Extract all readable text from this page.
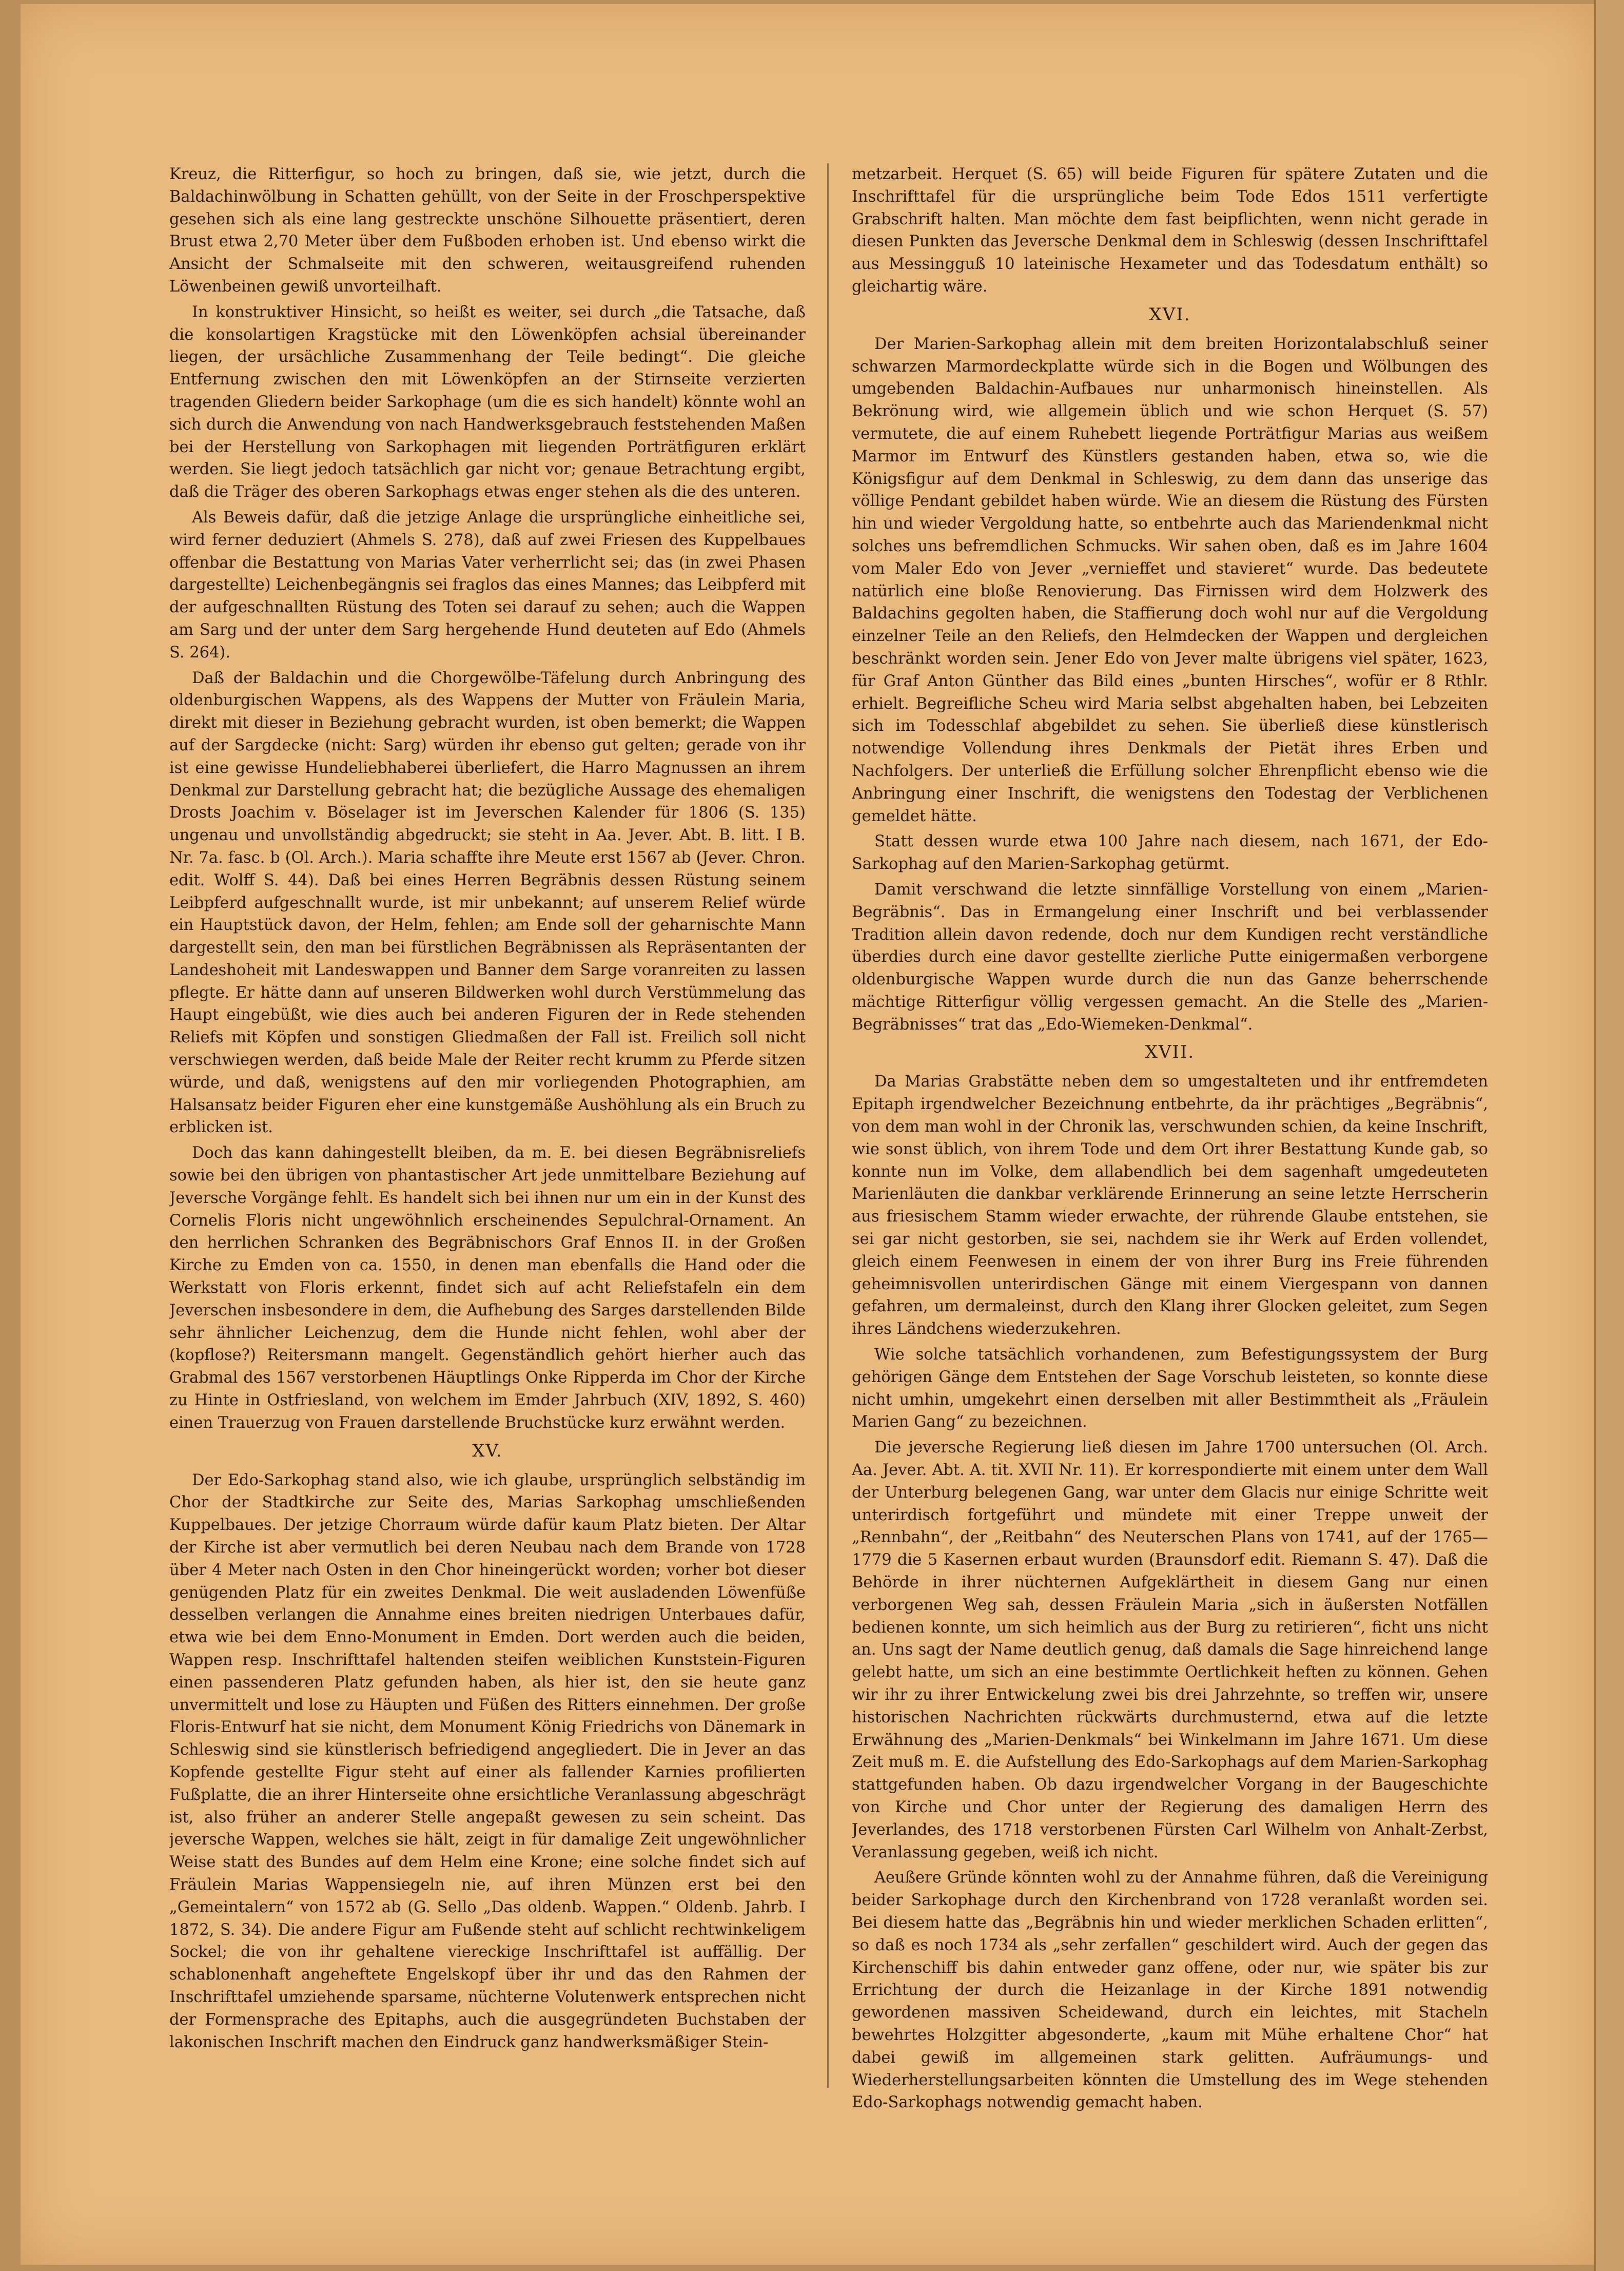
Kreuz, die Ritterfigur, so hoch zu bringen, daß sie, wie jetzt, durch die Baldachinwölbung in Schatten gehüllt, von der Seite in der Froschperspektive gesehen sich als eine lang gestreckte unschöne Silhouette präsentiert, deren Brust etwa 2,70 Meter über dem Fußboden erhoben ist. Und ebenso wirkt die Ansicht der Schmalseite mit den schweren, weitausgreifend ruhenden Löwenbeinen gewiß unvorteilhaft.

In konstruktiver Hinsicht, so heißt es weiter, sei durch „die Tatsache, daß die konsolartigen Kragstücke mit den Löwenköpfen achsial übereinander liegen, der ursächliche Zusammenhang der Teile bedingt“. Die gleiche Entfernung zwischen den mit Löwenköpfen an der Stirnseite verzierten tragenden Gliedern beider Sarkophage (um die es sich handelt) könnte wohl an sich durch die Anwendung von nach Handwerksgebrauch feststehenden Maßen bei der Herstellung von Sarkophagen mit liegenden Porträtfiguren erklärt werden. Sie liegt jedoch tatsächlich gar nicht vor; genaue Betrachtung ergibt, daß die Träger des oberen Sarkophags etwas enger stehen als die des unteren.

Als Beweis dafür, daß die jetzige Anlage die ursprüngliche einheitliche sei, wird ferner deduziert (Ahmels S. 278), daß auf zwei Friesen des Kuppelbaues offenbar die Bestattung von Marias Vater verherrlicht sei; das (in zwei Phasen dargestellte) Leichenbegängnis sei fraglos das eines Mannes; das Leibpferd mit der aufgeschnallten Rüstung des Toten sei darauf zu sehen; auch die Wappen am Sarg und der unter dem Sarg hergehende Hund deuteten auf Edo (Ahmels S. 264).

Daß der Baldachin und die Chorgewölbe-Täfelung durch Anbringung des oldenburgischen Wappens, als des Wappens der Mutter von Fräulein Maria, direkt mit dieser in Beziehung gebracht wurden, ist oben bemerkt; die Wappen auf der Sargdecke (nicht: Sarg) würden ihr ebenso gut gelten; gerade von ihr ist eine gewisse Hundeliebhaberei überliefert, die Harro Magnussen an ihrem Denkmal zur Darstellung gebracht hat; die bezügliche Aussage des ehemaligen Drosts Joachim v. Böselager ist im Jeverschen Kalender für 1806 (S. 135) ungenau und unvollständig abgedruckt; sie steht in Aa. Jever. Abt. B. litt. I B. Nr. 7a. fasc. b (Ol. Arch.). Maria schaffte ihre Meute erst 1567 ab (Jever. Chron. edit. Wolff S. 44). Daß bei eines Herren Begräbnis dessen Rüstung seinem Leibpferd aufgeschnallt wurde, ist mir unbekannt; auf unserem Relief würde ein Hauptstück davon, der Helm, fehlen; am Ende soll der geharnischte Mann dargestellt sein, den man bei fürstlichen Begräbnissen als Repräsentanten der Landeshoheit mit Landeswappen und Banner dem Sarge voranreiten zu lassen pflegte. Er hätte dann auf unseren Bildwerken wohl durch Verstümmelung das Haupt eingebüßt, wie dies auch bei anderen Figuren der in Rede stehenden Reliefs mit Köpfen und sonstigen Gliedmaßen der Fall ist. Freilich soll nicht verschwiegen werden, daß beide Male der Reiter recht krumm zu Pferde sitzen würde, und daß, wenigstens auf den mir vorliegenden Photographien, am Halsansatz beider Figuren eher eine kunstgemäße Aushöhlung als ein Bruch zu erblicken ist.

Doch das kann dahingestellt bleiben, da m. E. bei diesen Begräbnisreliefs sowie bei den übrigen von phantastischer Art jede unmittelbare Beziehung auf Jeversche Vorgänge fehlt. Es handelt sich bei ihnen nur um ein in der Kunst des Cornelis Floris nicht ungewöhnlich erscheinendes Sepulchral-Ornament. An den herrlichen Schranken des Begräbnischors Graf Ennos II. in der Großen Kirche zu Emden von ca. 1550, in denen man ebenfalls die Hand oder die Werkstatt von Floris erkennt, findet sich auf acht Reliefstafeln ein dem Jeverschen insbesondere in dem, die Aufhebung des Sarges darstellenden Bilde sehr ähnlicher Leichenzug, dem die Hunde nicht fehlen, wohl aber der (kopflose?) Reitersmann mangelt. Gegenständlich gehört hierher auch das Grabmal des 1567 verstorbenen Häuptlings Onke Ripperda im Chor der Kirche zu Hinte in Ostfriesland, von welchem im Emder Jahrbuch (XIV, 1892, S. 460) einen Trauerzug von Frauen darstellende Bruchstücke kurz erwähnt werden.

XV.

Der Edo-Sarkophag stand also, wie ich glaube, ursprünglich selbständig im Chor der Stadtkirche zur Seite des, Marias Sarkophag umschließenden Kuppelbaues. Der jetzige Chorraum würde dafür kaum Platz bieten. Der Altar der Kirche ist aber vermutlich bei deren Neubau nach dem Brande von 1728 über 4 Meter nach Osten in den Chor hineingerückt worden; vorher bot dieser genügenden Platz für ein zweites Denkmal. Die weit ausladenden Löwenfüße desselben verlangen die Annahme eines breiten niedrigen Unterbaues dafür, etwa wie bei dem Enno-Monument in Emden. Dort werden auch die beiden, Wappen resp. Inschrifttafel haltenden steifen weiblichen Kunststein-Figuren einen passenderen Platz gefunden haben, als hier ist, den sie heute ganz unvermittelt und lose zu Häupten und Füßen des Ritters einnehmen. Der große Floris-Entwurf hat sie nicht, dem Monument König Friedrichs von Dänemark in Schleswig sind sie künstlerisch befriedigend angegliedert. Die in Jever an das Kopfende gestellte Figur steht auf einer als fallender Karnies profilierten Fußplatte, die an ihrer Hinterseite ohne ersichtliche Veranlassung abgeschrägt ist, also früher an anderer Stelle angepaßt gewesen zu sein scheint. Das jeversche Wappen, welches sie hält, zeigt in für damalige Zeit ungewöhnlicher Weise statt des Bundes auf dem Helm eine Krone; eine solche findet sich auf Fräulein Marias Wappensiegeln nie, auf ihren Münzen erst bei den „Gemeintalern“ von 1572 ab (G. Sello „Das oldenb. Wappen.“ Oldenb. Jahrb. I 1872, S. 34). Die andere Figur am Fußende steht auf schlicht rechtwinkeligem Sockel; die von ihr gehaltene viereckige Inschrifttafel ist auffällig. Der schablonenhaft angeheftete Engelskopf über ihr und das den Rahmen der Inschrifttafel umziehende sparsame, nüchterne Volutenwerk entsprechen nicht der Formensprache des Epitaphs, auch die ausgegründeten Buchstaben der lakonischen Inschrift machen den Eindruck ganz handwerksmäßiger Stein-

metzarbeit. Herquet (S. 65) will beide Figuren für spätere Zutaten und die Inschrifttafel für die ursprüngliche beim Tode Edos 1511 verfertigte Grabschrift halten. Man möchte dem fast beipflichten, wenn nicht gerade in diesen Punkten das Jeversche Denkmal dem in Schleswig (dessen Inschrifttafel aus Messingguß 10 lateinische Hexameter und das Todesdatum enthält) so gleichartig wäre.

XVI.

Der Marien-Sarkophag allein mit dem breiten Horizontalabschluß seiner schwarzen Marmordeckplatte würde sich in die Bogen und Wölbungen des umgebenden Baldachin-Aufbaues nur unharmonisch hineinstellen. Als Bekrönung wird, wie allgemein üblich und wie schon Herquet (S. 57) vermutete, die auf einem Ruhebett liegende Porträtfigur Marias aus weißem Marmor im Entwurf des Künstlers gestanden haben, etwa so, wie die Königsfigur auf dem Denkmal in Schleswig, zu dem dann das unserige das völlige Pendant gebildet haben würde. Wie an diesem die Rüstung des Fürsten hin und wieder Vergoldung hatte, so entbehrte auch das Mariendenkmal nicht solches uns befremdlichen Schmucks. Wir sahen oben, daß es im Jahre 1604 vom Maler Edo von Jever „vernieffet und stavieret“ wurde. Das bedeutete natürlich eine bloße Renovierung. Das Firnissen wird dem Holzwerk des Baldachins gegolten haben, die Staffierung doch wohl nur auf die Vergoldung einzelner Teile an den Reliefs, den Helmdecken der Wappen und dergleichen beschränkt worden sein. Jener Edo von Jever malte übrigens viel später, 1623, für Graf Anton Günther das Bild eines „bunten Hirsches“, wofür er 8 Rthlr. erhielt. Begreifliche Scheu wird Maria selbst abgehalten haben, bei Lebzeiten sich im Todesschlaf abgebildet zu sehen. Sie überließ diese künstlerisch notwendige Vollendung ihres Denkmals der Pietät ihres Erben und Nachfolgers. Der unterließ die Erfüllung solcher Ehrenpflicht ebenso wie die Anbringung einer Inschrift, die wenigstens den Todestag der Verblichenen gemeldet hätte.

Statt dessen wurde etwa 100 Jahre nach diesem, nach 1671, der Edo-Sarkophag auf den Marien-Sarkophag getürmt.

Damit verschwand die letzte sinnfällige Vorstellung von einem „Marien-Begräbnis“. Das in Ermangelung einer Inschrift und bei verblassender Tradition allein davon redende, doch nur dem Kundigen recht verständliche überdies durch eine davor gestellte zierliche Putte einigermaßen verborgene oldenburgische Wappen wurde durch die nun das Ganze beherrschende mächtige Ritterfigur völlig vergessen gemacht. An die Stelle des „Marien-Begräbnisses“ trat das „Edo-Wiemeken-Denkmal“.

XVII.

Da Marias Grabstätte neben dem so umgestalteten und ihr entfremdeten Epitaph irgendwelcher Bezeichnung entbehrte, da ihr prächtiges „Begräbnis“, von dem man wohl in der Chronik las, verschwunden schien, da keine Inschrift, wie sonst üblich, von ihrem Tode und dem Ort ihrer Bestattung Kunde gab, so konnte nun im Volke, dem allabendlich bei dem sagenhaft umgedeuteten Marienläuten die dankbar verklärende Erinnerung an seine letzte Herrscherin aus friesischem Stamm wieder erwachte, der rührende Glaube entstehen, sie sei gar nicht gestorben, sie sei, nachdem sie ihr Werk auf Erden vollendet, gleich einem Feenwesen in einem der von ihrer Burg ins Freie führenden geheimnisvollen unterirdischen Gänge mit einem Viergespann von dannen gefahren, um dermaleinst, durch den Klang ihrer Glocken geleitet, zum Segen ihres Ländchens wiederzukehren.

Wie solche tatsächlich vorhandenen, zum Befestigungssystem der Burg gehörigen Gänge dem Entstehen der Sage Vorschub leisteten, so konnte diese nicht umhin, umgekehrt einen derselben mit aller Bestimmtheit als „Fräulein Marien Gang“ zu bezeichnen.

Die jeversche Regierung ließ diesen im Jahre 1700 untersuchen (Ol. Arch. Aa. Jever. Abt. A. tit. XVII Nr. 11). Er korrespondierte mit einem unter dem Wall der Unterburg belegenen Gang, war unter dem Glacis nur einige Schritte weit unterirdisch fortgeführt und mündete mit einer Treppe unweit der „Rennbahn“, der „Reitbahn“ des Neuterschen Plans von 1741, auf der 1765—1779 die 5 Kasernen erbaut wurden (Braunsdorf edit. Riemann S. 47). Daß die Behörde in ihrer nüchternen Aufgeklärtheit in diesem Gang nur einen verborgenen Weg sah, dessen Fräulein Maria „sich in äußersten Notfällen bedienen konnte, um sich heimlich aus der Burg zu retirieren“, ficht uns nicht an. Uns sagt der Name deutlich genug, daß damals die Sage hinreichend lange gelebt hatte, um sich an eine bestimmte Oertlichkeit heften zu können. Gehen wir ihr zu ihrer Entwickelung zwei bis drei Jahrzehnte, so treffen wir, unsere historischen Nachrichten rückwärts durchmusternd, etwa auf die letzte Erwähnung des „Marien-Denkmals“ bei Winkelmann im Jahre 1671. Um diese Zeit muß m. E. die Aufstellung des Edo-Sarkophags auf dem Marien-Sarkophag stattgefunden haben. Ob dazu irgendwelcher Vorgang in der Baugeschichte von Kirche und Chor unter der Regierung des damaligen Herrn des Jeverlandes, des 1718 verstorbenen Fürsten Carl Wilhelm von Anhalt-Zerbst, Veranlassung gegeben, weiß ich nicht.

Aeußere Gründe könnten wohl zu der Annahme führen, daß die Vereinigung beider Sarkophage durch den Kirchenbrand von 1728 veranlaßt worden sei. Bei diesem hatte das „Begräbnis hin und wieder merklichen Schaden erlitten“, so daß es noch 1734 als „sehr zerfallen“ geschildert wird. Auch der gegen das Kirchenschiff bis dahin entweder ganz offene, oder nur, wie später bis zur Errichtung der durch die Heizanlage in der Kirche 1891 notwendig gewordenen massiven Scheidewand, durch ein leichtes, mit Stacheln bewehrtes Holzgitter abgesonderte, „kaum mit Mühe erhaltene Chor“ hat dabei gewiß im allgemeinen stark gelitten. Aufräumungs- und Wiederherstellungsarbeiten könnten die Umstellung des im Wege stehenden Edo-Sarkophags notwendig gemacht haben.
